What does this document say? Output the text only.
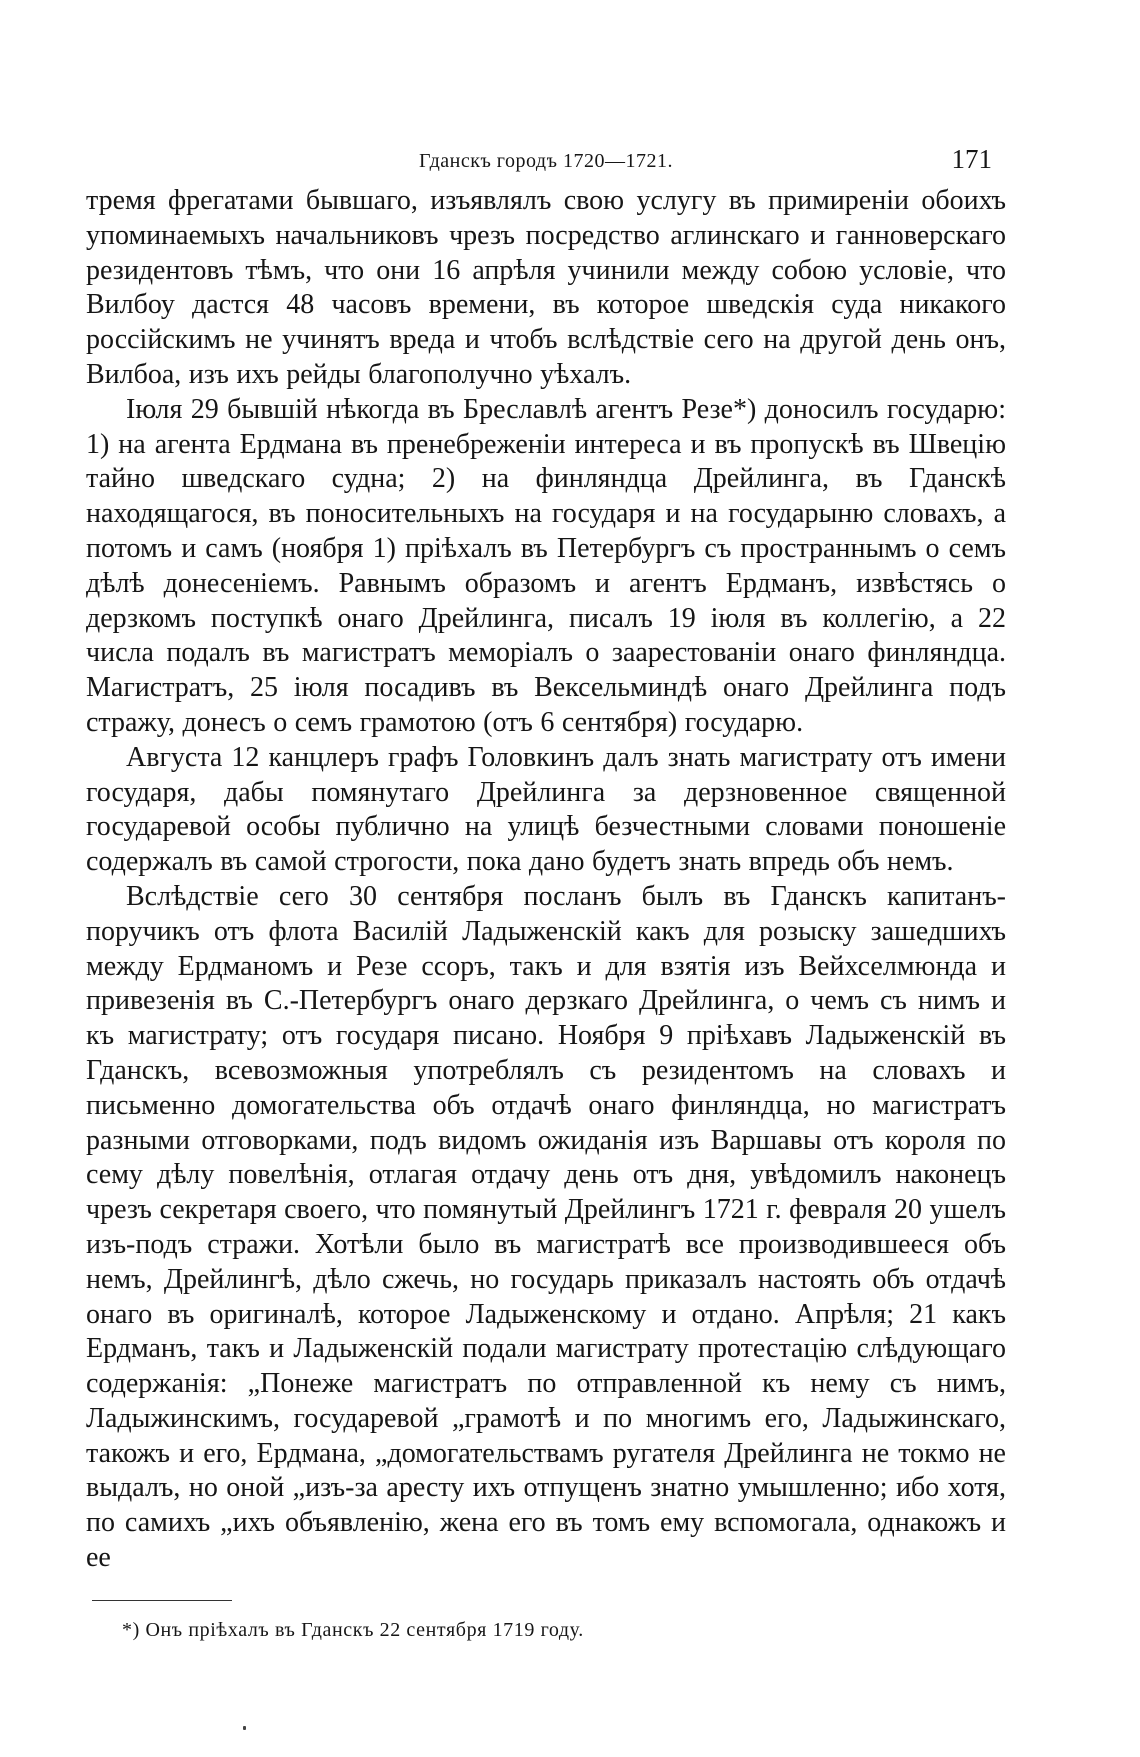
Гданскъ городъ 1720—1721.	171

тремя фрегатами бывшаго, изъявлялъ свою услугу въ примиреніи обоихъ упоминаемыхъ начальниковъ чрезъ посредство аглинскаго и ганноверскаго резидентовъ тѣмъ, что они 16 апрѣля учинили между собою условіе, что Вилбоу дастся 48 часовъ времени, въ которое шведскія суда никакого россійскимъ не учинятъ вреда и чтобъ вслѣдствіе сего на другой день онъ, Вилбоа, изъ ихъ рейды благополучно уѣхалъ.

Іюля 29 бывшій нѣкогда въ Бреславлѣ агентъ Резе*) доносилъ государю: 1) на агента Ердмана въ пренебреженіи интереса и въ пропускѣ въ Швецію тайно шведскаго судна; 2) на финляндца Дрейлинга, въ Гданскѣ находящагося, въ поносительныхъ на государя и на государыню словахъ, а потомъ и самъ (ноября 1) пріѣхалъ въ Петербургъ съ пространнымъ о семъ дѣлѣ донесеніемъ. Равнымъ образомъ и агентъ Ердманъ, извѣстясь о дерзкомъ поступкѣ онаго Дрейлинга, писалъ 19 іюля въ коллегію, а 22 числа подалъ въ магистратъ меморіалъ о заарестованіи онаго финляндца. Магистратъ, 25 іюля посадивъ въ Вексельминдѣ онаго Дрейлинга подъ стражу, донесъ о семъ грамотою (отъ 6 сентября) государю.

Августа 12 канцлеръ графъ Головкинъ далъ знать магистрату отъ имени государя, дабы помянутаго Дрейлинга за дерзновенное священной государевой особы публично на улицѣ безчестными словами поношеніе содержалъ въ самой строгости, пока дано будетъ знать впредь объ немъ.

Вслѣдствіе сего 30 сентября посланъ былъ въ Гданскъ капитанъ-поручикъ отъ флота Василій Ладыженскій какъ для розыску зашедшихъ между Ердманомъ и Резе ссоръ, такъ и для взятія изъ Вейхселмюнда и привезенія въ С.-Петербургъ онаго дерзкаго Дрейлинга, о чемъ съ нимъ и къ магистрату; отъ государя писано. Ноября 9 пріѣхавъ Ладыженскій въ Гданскъ, всевозможныя употреблялъ съ резидентомъ на словахъ и письменно домогательства объ отдачѣ онаго финляндца, но магистратъ разными отговорками, подъ видомъ ожиданія изъ Варшавы отъ короля по сему дѣлу повелѣнія, отлагая отдачу день отъ дня, увѣдомилъ наконецъ чрезъ секретаря своего, что помянутый Дрейлингъ 1721 г. февраля 20 ушелъ изъ-подъ стражи. Хотѣли было въ магистратѣ все производившееся объ немъ, Дрейлингѣ, дѣло сжечь, но государь приказалъ настоять объ отдачѣ онаго въ оригиналѣ, которое Ладыженскому и отдано. Апрѣля; 21 какъ Ердманъ, такъ и Ладыженскій подали магистрату протестацію слѣдующаго содержанія: „Понеже магистратъ по отправленной къ нему съ нимъ, Ладыжинскимъ, государевой „грамотѣ и по многимъ его, Ладыжинскаго, такожъ и его, Ердмана, „домогательствамъ ругателя Дрейлинга не токмо не выдалъ, но оной „изъ-за аресту ихъ отпущенъ знатно умышленно; ибо хотя, по самихъ „ихъ объявленію, жена его въ томъ ему вспомогала, однакожъ и ее

*) Онъ пріѣхалъ въ Гданскъ 22 сентября 1719 году.
